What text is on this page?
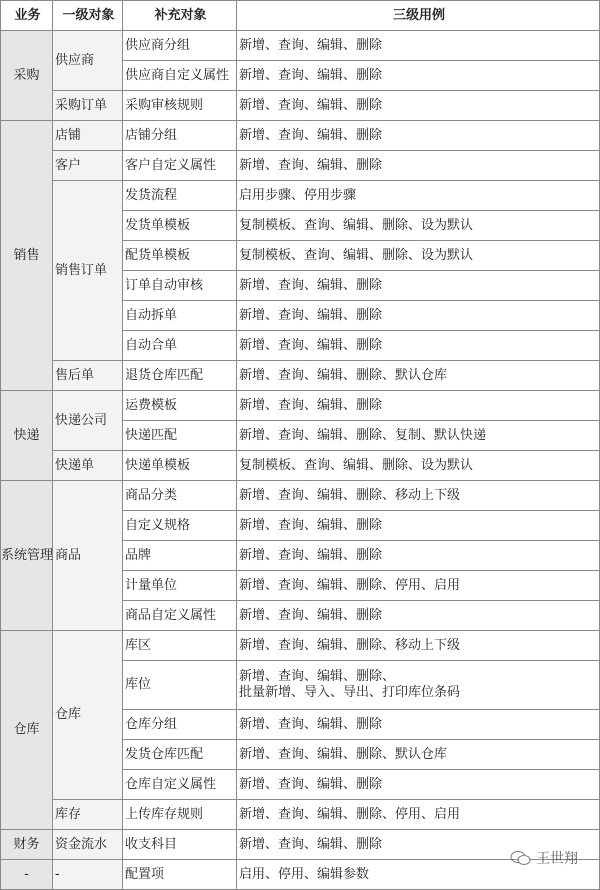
业务	一级对象	补充对象	三级用例
采购	供应商	供应商分组	新增、查询、编辑、删除
		供应商自定义属性	新增、查询、编辑、删除
	采购订单	采购审核规则	新增、查询、编辑、删除
销售	店铺	店铺分组	新增、查询、编辑、删除
	客户	客户自定义属性	新增、查询、编辑、删除
	销售订单	发货流程	启用步骤、停用步骤
		发货单模板	复制模板、查询、编辑、删除、设为默认
		配货单模板	复制模板、查询、编辑、删除、设为默认
		订单自动审核	新增、查询、编辑、删除
		自动拆单	新增、查询、编辑、删除
		自动合单	新增、查询、编辑、删除
	售后单	退货仓库匹配	新增、查询、编辑、删除、默认仓库
快递	快递公司	运费模板	新增、查询、编辑、删除
		快递匹配	新增、查询、编辑、删除、复制、默认快递
	快递单	快递单模板	复制模板、查询、编辑、删除、设为默认
系统管理	商品	商品分类	新增、查询、编辑、删除、移动上下级
		自定义规格	新增、查询、编辑、删除
		品牌	新增、查询、编辑、删除
		计量单位	新增、查询、编辑、删除、停用、启用
		商品自定义属性	新增、查询、编辑、删除
仓库	仓库	库区	新增、查询、编辑、删除、移动上下级
		库位	新增、查询、编辑、删除、
批量新增、导入、导出、打印库位条码
		仓库分组	新增、查询、编辑、删除
		发货仓库匹配	新增、查询、编辑、删除、默认仓库
		仓库自定义属性	新增、查询、编辑、删除
	库存	上传库存规则	新增、查询、编辑、删除、停用、启用
财务	资金流水	收支科目	新增、查询、编辑、删除
-	-	配置项	启用、停用、编辑参数
王世翔
